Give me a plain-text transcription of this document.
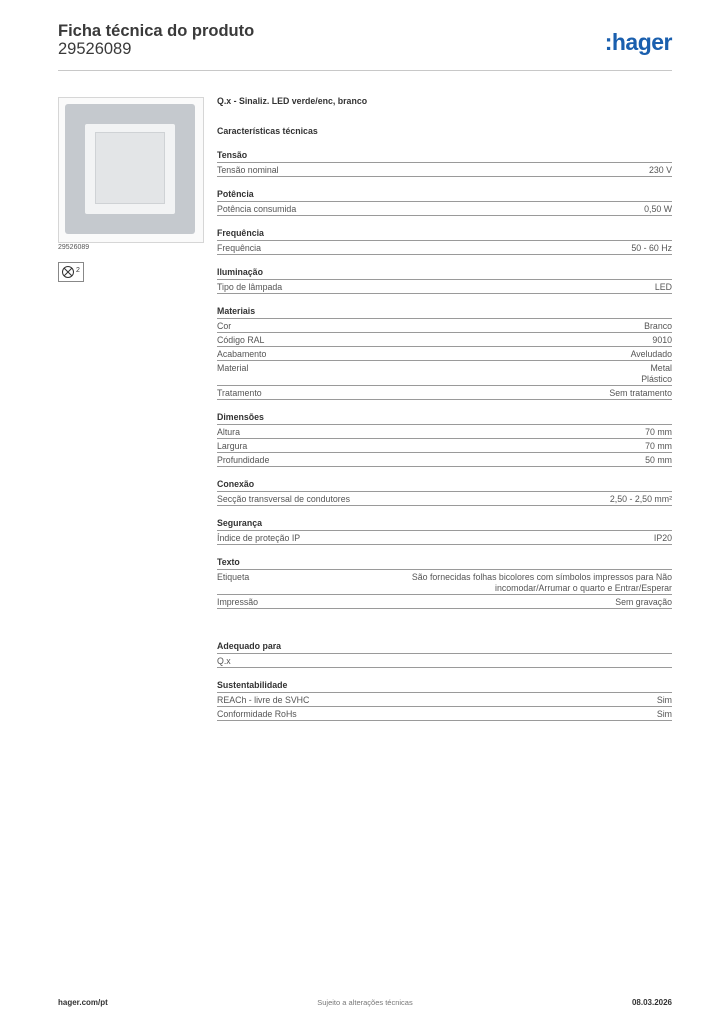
Ficha técnica do produto
29526089	:hager
29526089
2
Q.x - Sinaliz. LED verde/enc, branco
Características técnicas
Tensão
Tensão nominal	230 V
Potência
Potência consumida	0,50 W
Frequência
Frequência	50 - 60 Hz
Iluminação
Tipo de lâmpada	LED
Materiais
Cor	Branco
Código RAL	9010
Acabamento	Aveludado
Material	Metal
Plástico
Tratamento	Sem tratamento
Dimensões
Altura	70 mm
Largura	70 mm
Profundidade	50 mm
Conexão
Secção transversal de condutores	2,50 - 2,50 mm²
Segurança
Índice de proteção IP	IP20
Texto
Etiqueta	São fornecidas folhas bicolores com símbolos impressos para Não incomodar/Arrumar o quarto e Entrar/Esperar
Impressão	Sem gravação
Adequado para
Q.x
Sustentabilidade
REACh - livre de SVHC	Sim
Conformidade RoHs	Sim
hager.com/pt	Sujeito a alterações técnicas	08.03.2026
